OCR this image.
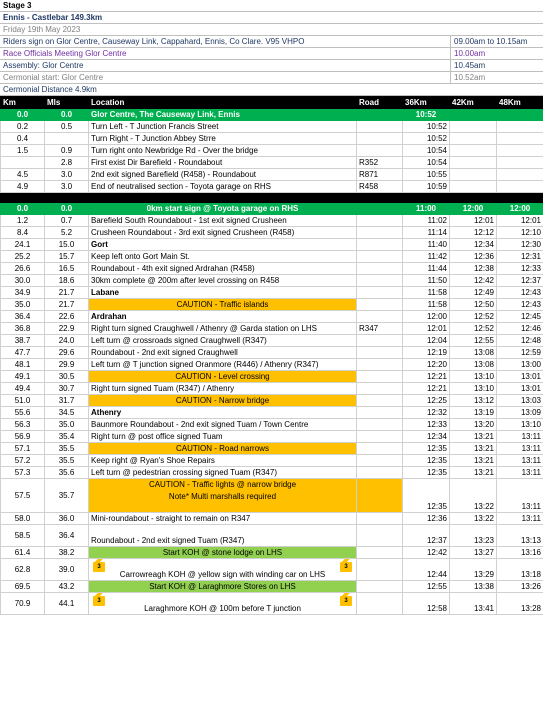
Stage 3
Ennis - Castlebar 149.3km
Friday 19th May 2023
Riders sign on Glor Centre, Causeway Link, Cappahard, Ennis, Co Clare. V95 VHPO	09.00am to 10.15am
Race Officials Meeting Glor Centre	10.00am
Assembly: Glor Centre	10.45am
Cermonial start: Glor Centre	10.52am
Cermonial Distance 4.9km
Km	Mls	Location	Road	36Km	42Km	48Km
0.0	0.0	Glor Centre, The Causeway Link, Ennis		10:52		
0.2	0.5	Turn Left - T Junction Francis Street		10:52		
0.4		Turn Right - T Junction Abbey Strre		10:52		
1.5	0.9	Turn right onto Newbridge Rd - Over the bridge		10:54		
	2.8	First exist Dir Barefield - Roundabout	R352	10:54		
4.5	3.0	2nd exit signed Barefield (R458) - Roundabout	R871	10:55		
4.9	3.0	End of neutralised section - Toyota garage on RHS	R458	10:59		

0.0	0.0	0km start sign @ Toyota garage on RHS		11:00	12:00	12:00
1.2	0.7	Barefield South Roundabout - 1st exit signed Crusheen		11:02	12:01	12:01
8.4	5.2	Crusheen Roundabout - 3rd exit signed Crusheen (R458)		11:14	12:12	12:10
24.1	15.0	Gort		11:40	12:34	12:30
25.2	15.7	Keep left onto Gort Main St.		11:42	12:36	12:31
26.6	16.5	Roundabout - 4th exit signed Ardrahan (R458)		11:44	12:38	12:33
30.0	18.6	30km complete @ 200m after level crossing on R458		11:50	12:42	12:37
34.9	21.7	Labane		11:58	12:49	12:43
35.0	21.7	CAUTION - Traffic islands		11:58	12:50	12:43
36.4	22.6	Ardrahan		12:00	12:52	12:45
36.8	22.9	Right turn signed Craughwell / Athenry @ Garda station on LHS	R347	12:01	12:52	12:46
38.7	24.0	Left turn @ crossroads signed Craughwell (R347)		12:04	12:55	12:48
47.7	29.6	Roundabout - 2nd exit signed Craughwell		12:19	13:08	12:59
48.1	29.9	Left turn @ T junction signed Oranmore (R446) / Athenry (R347)		12:20	13:08	13:00
49.1	30.5	CAUTION - Level crossing		12:21	13:10	13:01
49.4	30.7	Right turn signed Tuam (R347) / Athenry		12:21	13:10	13:01
51.0	31.7	CAUTION - Narrow bridge		12:25	13:12	13:03
55.6	34.5	Athenry		12:32	13:19	13:09
56.3	35.0	Baunmore Roundabout - 2nd exit signed Tuam / Town Centre		12:33	13:20	13:10
56.9	35.4	Right turn @ post office signed Tuam		12:34	13:21	13:11
57.1	35.5	CAUTION - Road narrows		12:35	13:21	13:11
57.2	35.5	Keep right @ Ryan's Shoe Repairs		12:35	13:21	13:11
57.3	35.6	Left turn @ pedestrian crossing signed Tuam (R347)		12:35	13:21	13:11
57.5	35.7	CAUTION - Traffic lights @ narrow bridge
Note* Multi marshalls required		12:35	13:22	13:11
58.0	36.0	Mini-roundabout - straight to remain on R347		12:36	13:22	13:11
58.5	36.4	Roundabout - 2nd exit signed Tuam (R347)		12:37	13:23	13:13
61.4	38.2	Start KOH @ stone lodge on LHS		12:42	13:27	13:16
62.8	39.0	3
Carrowreagh KOH @ yellow sign with winding car on LHS
3		12:44	13:29	13:18
69.5	43.2	Start KOH @ Laraghmore Stores on LHS		12:55	13:38	13:26
70.9	44.1	3
Laraghmore KOH @ 100m before T junction
3		12:58	13:41	13:28
